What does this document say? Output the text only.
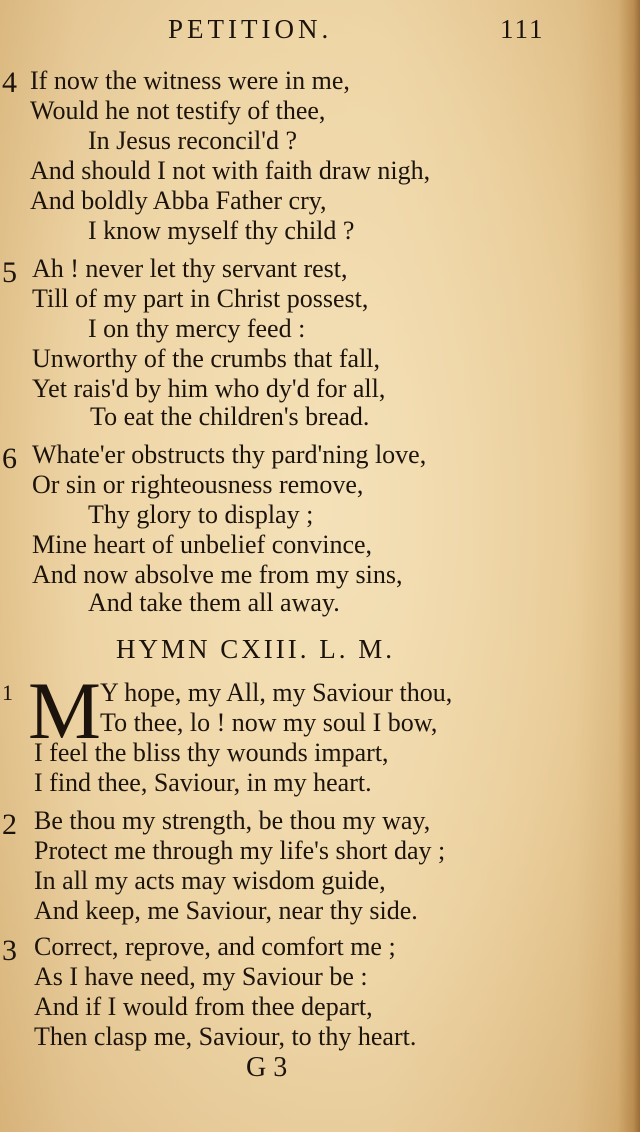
PETITION.	111
4 If now the witness were in me,
Would he not testify of thee,
In Jesus reconcil'd ?
And should I not with faith draw nigh,
And boldly Abba Father cry,
I know myself thy child ?
5 Ah ! never let thy servant rest,
Till of my part in Christ possest,
I on thy mercy feed :
Unworthy of the crumbs that fall,
Yet rais'd by him who dy'd for all,
To eat the children's bread.
6 Whate'er obstructs thy pard'ning love,
Or sin or righteousness remove,
Thy glory to display ;
Mine heart of unbelief convince,
And now absolve me from my sins,
And take them all away.
HYMN CXIII. L. M.
1 M Y hope, my All, my Saviour thou,
To thee, lo ! now my soul I bow,
I feel the bliss thy wounds impart,
I find thee, Saviour, in my heart.
2 Be thou my strength, be thou my way,
Protect me through my life's short day ;
In all my acts may wisdom guide,
And keep, me Saviour, near thy side.
3 Correct, reprove, and comfort me ;
As I have need, my Saviour be :
And if I would from thee depart,
Then clasp me, Saviour, to thy heart.
G 3
